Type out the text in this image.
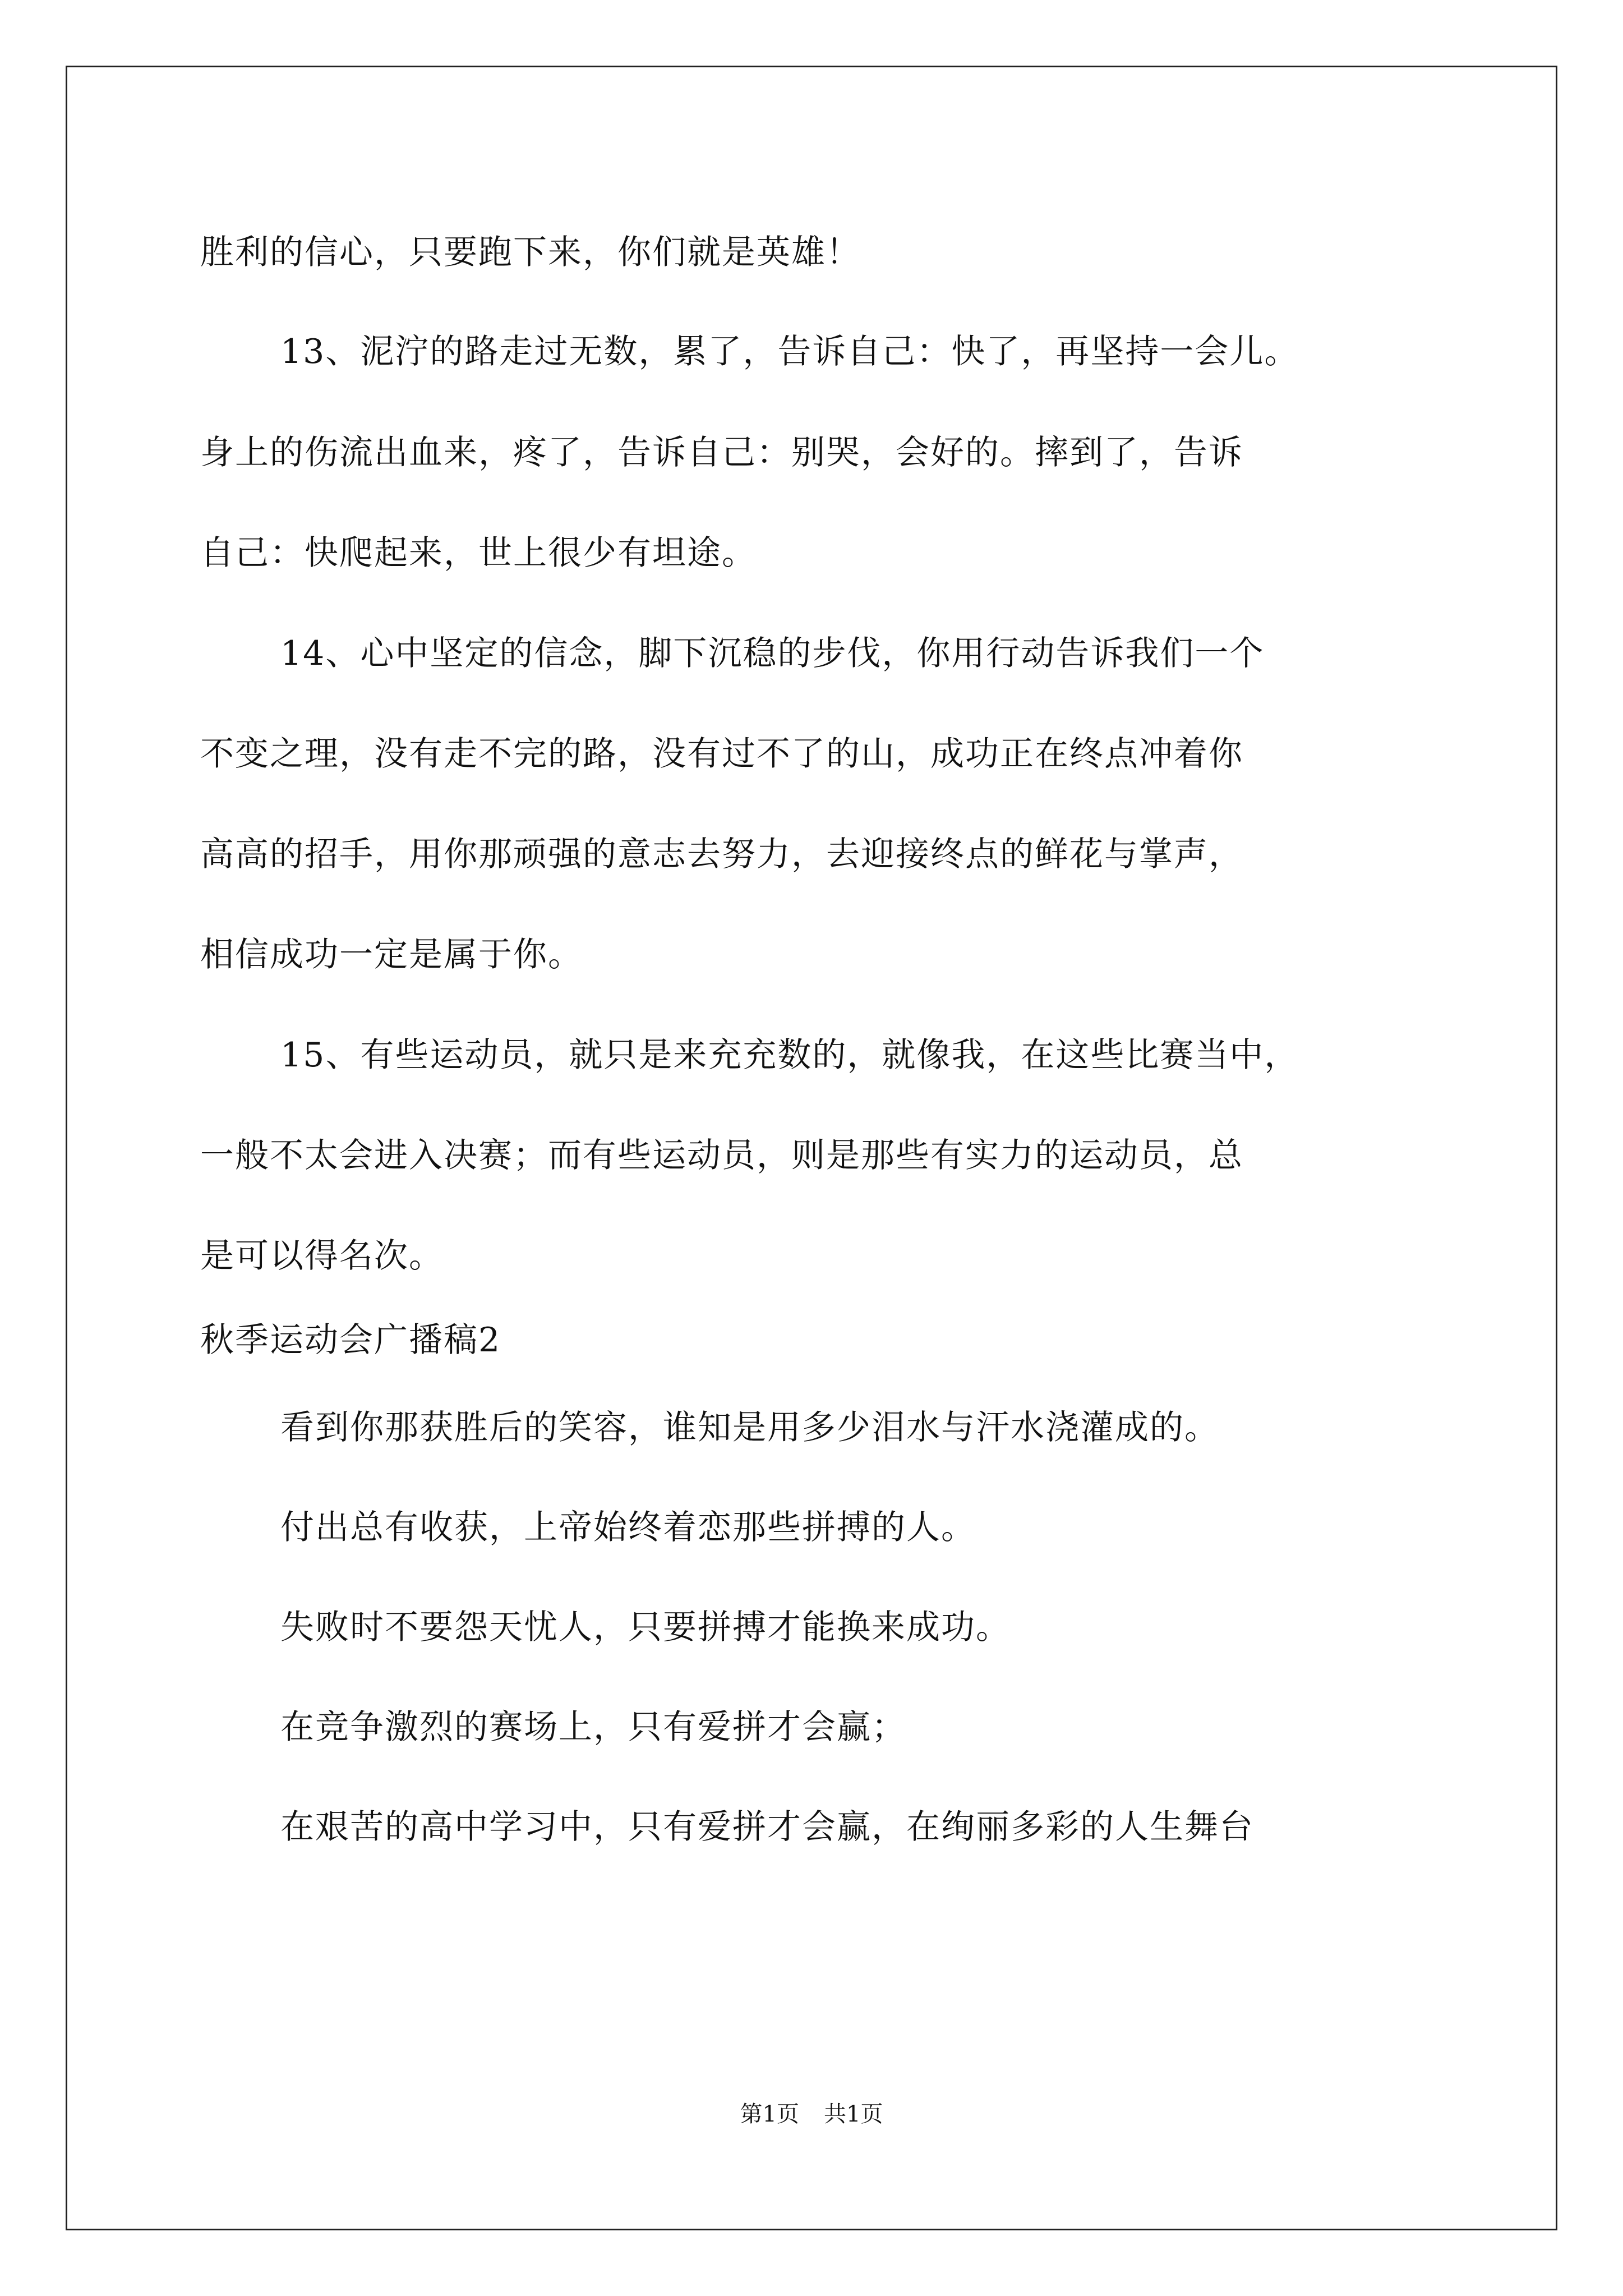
胜利的信心，只要跑下来，你们就是英雄！
13、泥泞的路走过无数，累了，告诉自己：快了，再坚持一会儿。
身上的伤流出血来，疼了，告诉自己：别哭，会好的。摔到了，告诉
自己：快爬起来，世上很少有坦途。
14、心中坚定的信念，脚下沉稳的步伐，你用行动告诉我们一个
不变之理，没有走不完的路，没有过不了的山，成功正在终点冲着你
高高的招手，用你那顽强的意志去努力，去迎接终点的鲜花与掌声，
相信成功一定是属于你。
15、有些运动员，就只是来充充数的，就像我，在这些比赛当中，
一般不太会进入决赛；而有些运动员，则是那些有实力的运动员，总
是可以得名次。
秋季运动会广播稿2
看到你那获胜后的笑容，谁知是用多少泪水与汗水浇灌成的。
付出总有收获，上帝始终着恋那些拼搏的人。
失败时不要怨天忧人，只要拼搏才能换来成功。
在竞争激烈的赛场上，只有爱拼才会赢；
在艰苦的高中学习中，只有爱拼才会赢，在绚丽多彩的人生舞台
第1页 共1页
